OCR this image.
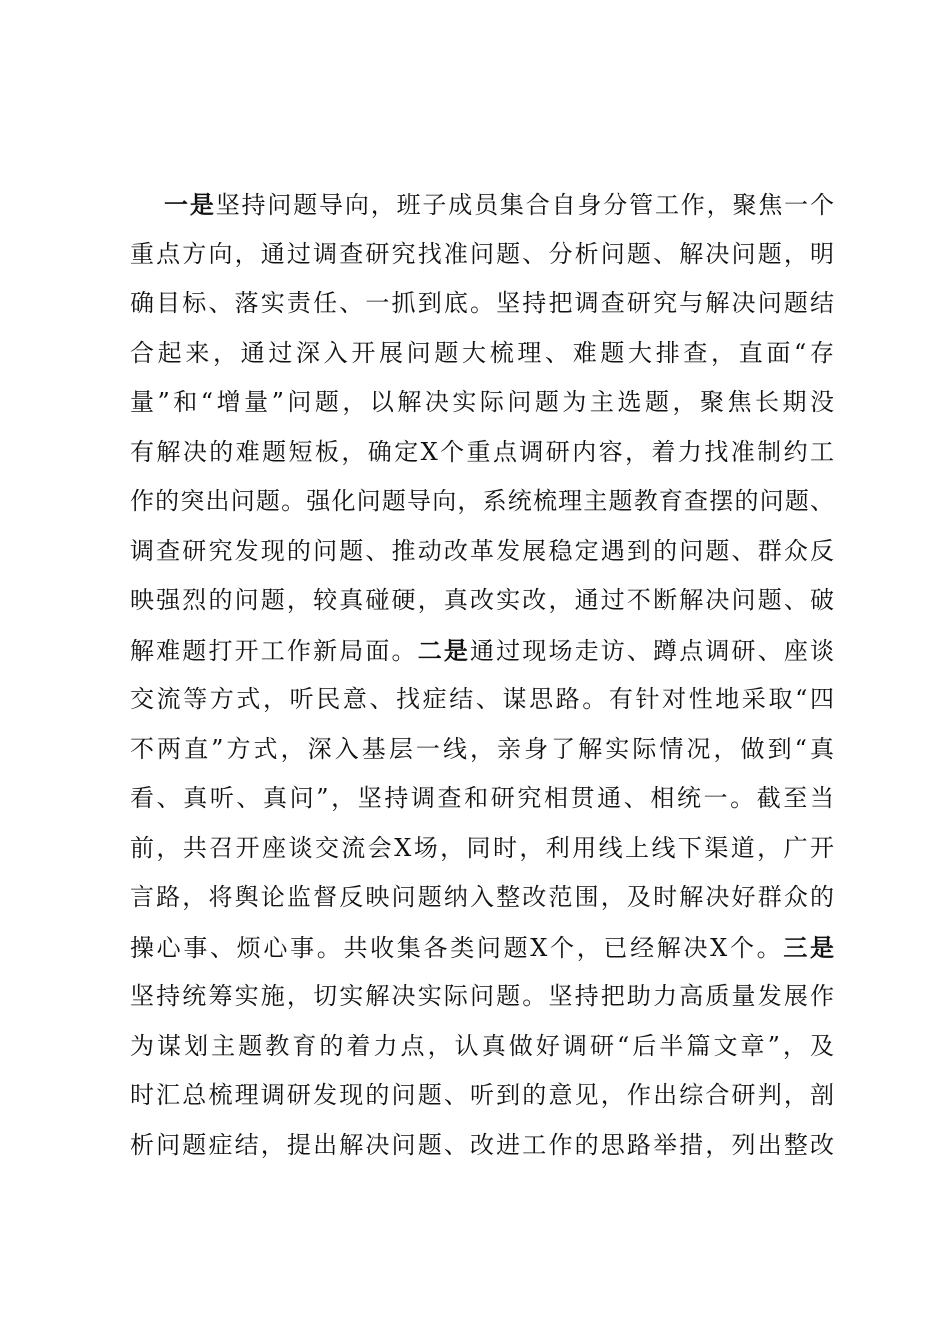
一是坚持问题导向，班子成员集合自身分管工作，聚焦一个
重点方向，通过调查研究找准问题、分析问题、解决问题，明
确目标、落实责任、一抓到底。坚持把调查研究与解决问题结
合起来，通过深入开展问题大梳理、难题大排查，直面“存
量”和“增量”问题，以解决实际问题为主选题，聚焦长期没
有解决的难题短板，确定X个重点调研内容，着力找准制约工
作的突出问题。强化问题导向，系统梳理主题教育查摆的问题、
调查研究发现的问题、推动改革发展稳定遇到的问题、群众反
映强烈的问题，较真碰硬，真改实改，通过不断解决问题、破
解难题打开工作新局面。二是通过现场走访、蹲点调研、座谈
交流等方式，听民意、找症结、谋思路。有针对性地采取“四
不两直”方式，深入基层一线，亲身了解实际情况，做到“真
看、真听、真问”，坚持调查和研究相贯通、相统一。截至当
前，共召开座谈交流会X场，同时，利用线上线下渠道，广开
言路，将舆论监督反映问题纳入整改范围，及时解决好群众的
操心事、烦心事。共收集各类问题X个，已经解决X个。三是
坚持统筹实施，切实解决实际问题。坚持把助力高质量发展作
为谋划主题教育的着力点，认真做好调研“后半篇文章”，及
时汇总梳理调研发现的问题、听到的意见，作出综合研判，剖
析问题症结，提出解决问题、改进工作的思路举措，列出整改
